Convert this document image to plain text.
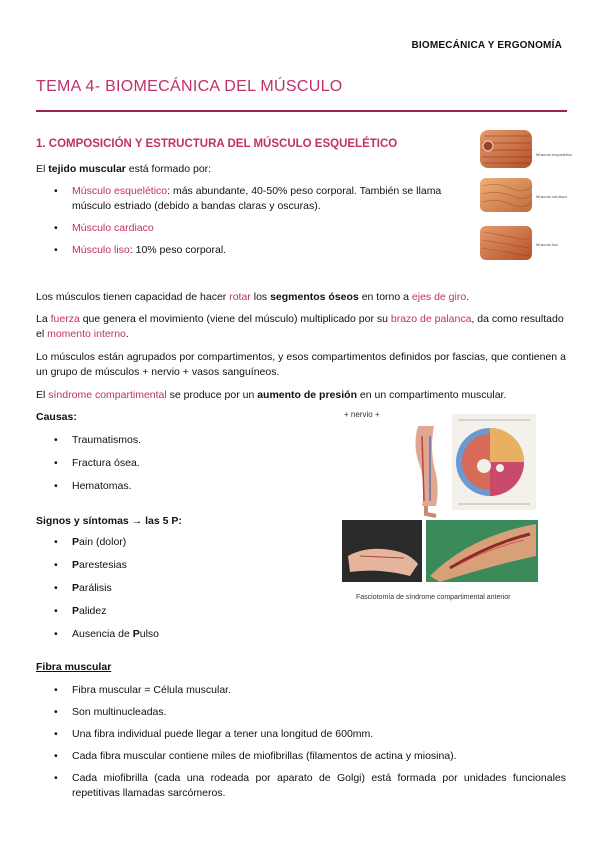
BIOMECÁNICA Y ERGONOMÍA
TEMA 4- BIOMECÁNICA DEL MÚSCULO
1. COMPOSICIÓN Y ESTRUCTURA DEL MÚSCULO ESQUELÉTICO
Músculo esquelético
Músculo cardiaco
Músculo liso
El tejido muscular está formado por:
• Músculo esquelético: más abundante, 40-50% peso corporal. También se llama músculo estriado (debido a bandas claras y oscuras).
• Músculo cardiaco
• Músculo liso: 10% peso corporal.
Los músculos tienen capacidad de hacer rotar los segmentos óseos en torno a ejes de giro.
La fuerza que genera el movimiento (viene del músculo) multiplicado por su brazo de palanca, da como resultado el momento interno.
Lo músculos están agrupados por compartimentos, y esos compartimentos definidos por fascias, que contienen a un grupo de músculos + nervio + vasos sanguíneos.
El síndrome compartimental se produce por un aumento de presión en un compartimento muscular.
Causas:
• Traumatismos.
• Fractura ósea.
• Hematomas.
Signos y síntomas → las 5 P:
• Pain (dolor)
• Parestesias
• Parálisis
• Palidez
• Ausencia de Pulso
+ nervio +
Fasciotomía de síndrome compartimental anterior
Fibra muscular
• Fibra muscular = Célula muscular.
• Son multinucleadas.
• Una fibra individual puede llegar a tener una longitud de 600mm.
• Cada fibra muscular contiene miles de miofibrillas (filamentos de actina y miosina).
• Cada miofibrilla (cada una rodeada por aparato de Golgi) está formada por unidades funcionales repetitivas llamadas sarcómeros.
